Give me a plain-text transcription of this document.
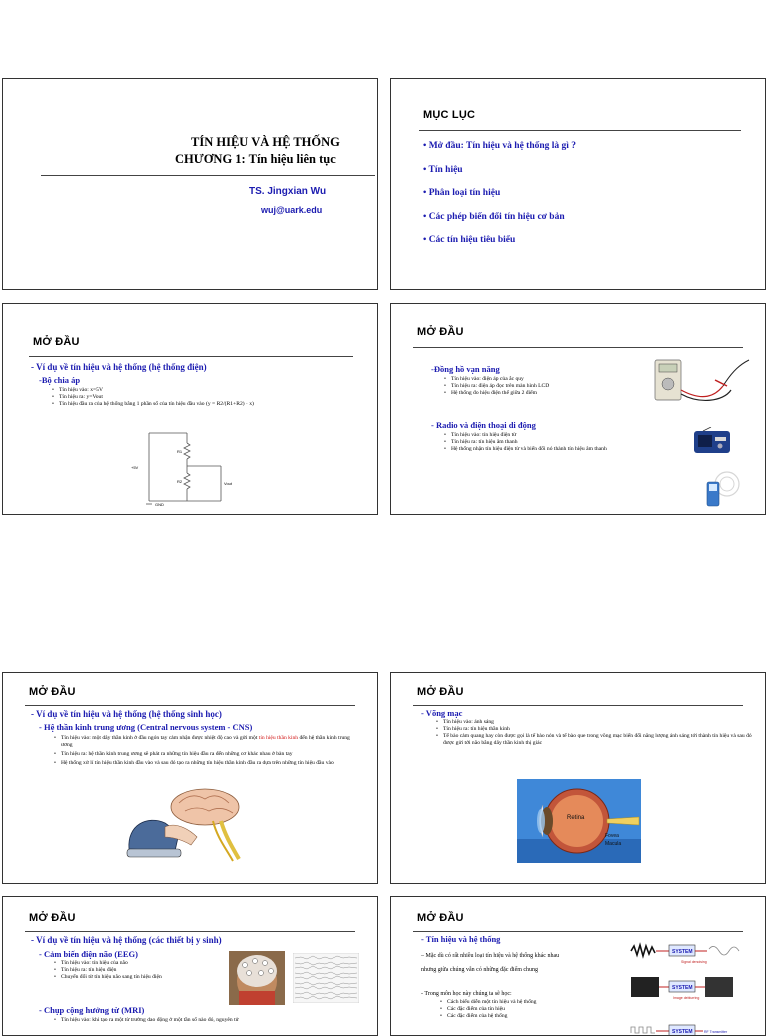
TÍN HIỆU VÀ HỆ THỐNG
CHƯƠNG 1: Tín hiệu liên tục
TS. Jingxian Wu
wuj@uark.edu
MỤC LỤC
• Mở đầu: Tín hiệu và hệ thống là gì ?
• Tín hiệu
• Phân loại tín hiệu
• Các phép biến đổi tín hiệu cơ bản
• Các tín hiệu tiêu biểu
MỞ ĐẦU
- Ví dụ về tín hiệu và hệ thống (hệ thống điện)
-Bộ chia áp
• Tín hiệu vào: x=5V
• Tín hiệu ra: y=Vout
• Tín hiệu đầu ra của hệ thống bằng 1 phần số của tín hiệu đầu vào (y = R2/(R1+R2) · x)
+5V
R1
R2	Vout
GND
MỞ ĐẦU
-Đồng hồ vạn năng
• Tín hiệu vào: điện áp của ắc quy
• Tín hiệu ra: điện áp đọc trên màn hình LCD
• Hệ thống đo hiệu điện thế giữa 2 điểm
- Radio và điện thoại di động
• Tín hiệu vào: tín hiệu điện từ
• Tín hiệu ra: tín hiệu âm thanh
• Hệ thống nhận tín hiệu điện từ và biến đổi nó thành tín hiệu âm thanh
MỞ ĐẦU
- Ví dụ về tín hiệu và hệ thống (hệ thống sinh học)
- Hệ thần kinh trung ương (Central nervous system - CNS)
• Tín hiệu vào: một dây thần kinh ở đầu ngón tay cảm nhận được nhiệt độ cao và gửi một tín hiệu thần kinh đến hệ thần kinh trung ương
• Tín hiệu ra: hệ thần kinh trung ương sẽ phát ra những tín hiệu đầu ra đến những cơ khác nhau ở bàn tay
• Hệ thống xử lí tín hiệu thần kinh đầu vào và sau đó tạo ra những tín hiệu thần kinh đầu ra dựa trên những tín hiệu đầu vào
MỞ ĐẦU
- Võng mạc
• Tín hiệu vào: ánh sáng
• Tín hiệu ra: tín hiệu thần kinh
• Tế bào cảm quang hay còn được gọi là tế bào nón và tế bào que trong võng mạc biến đổi năng lượng ánh sáng tới thành tín hiệu và sau đó được gửi tới não bằng dây thần kinh thị giác
Retina
Fovea
Macula
MỞ ĐẦU
- Ví dụ về tín hiệu và hệ thống (các thiết bị y sinh)
- Cảm biến điện não (EEG)
• Tín hiệu vào: tín hiệu của não
• Tín hiệu ra: tín hiệu điện
• Chuyển đổi từ tín hiệu não sang tín hiệu điện
- Chụp cộng hưởng từ (MRI)
• Tín hiệu vào: khi tạo ra một từ trường dao động ở một tần số nào đó, nguyên tử
MỞ ĐẦU
- Tín hiệu và hệ thống
– Mặc dù có rất nhiều loại tín hiệu và hệ thống khác nhau
nhưng giữa chúng vẫn có những đặc điểm chung
- Trong môn học này chúng ta sẽ học:
• Cách biểu diễn một tín hiệu và hệ thống
• Các đặc điểm của tín hiệu
• Các đặc điểm của hệ thống
SYSTEM
Signal denoising
SYSTEM
Image deblurring
SYSTEM	RF Transmitter
